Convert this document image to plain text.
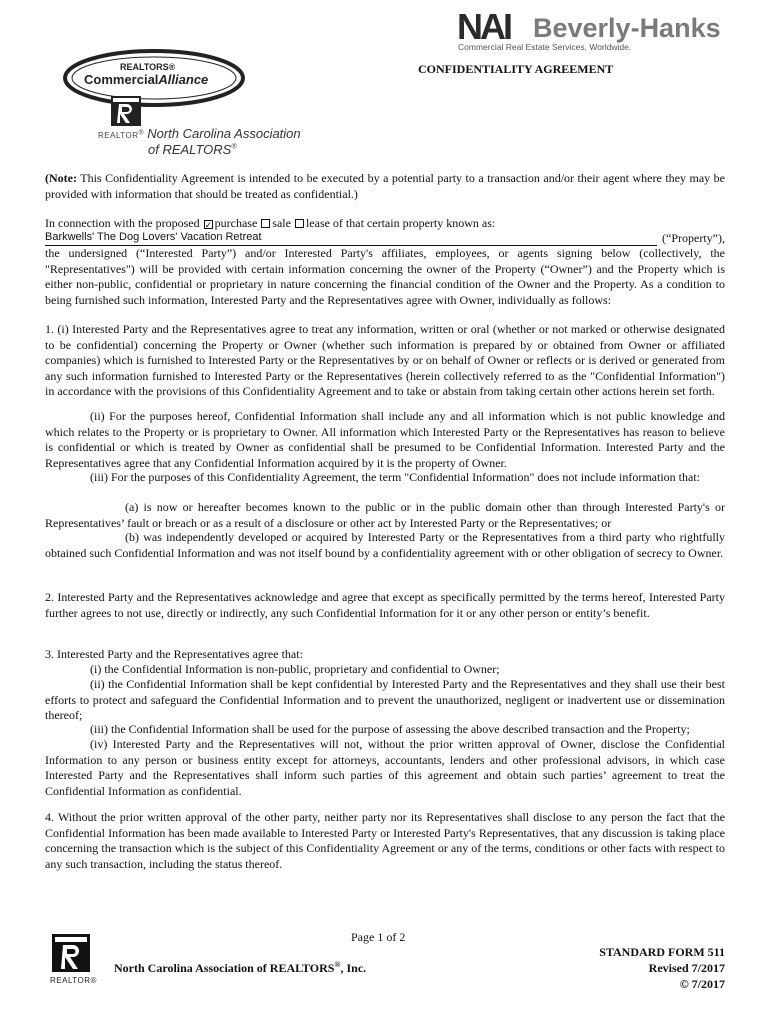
REALTORS®
CommercialAlliance
REALTOR® North Carolina Association
of REALTORS®
NAI Beverly-Hanks
Commercial Real Estate Services, Worldwide.
CONFIDENTIALITY AGREEMENT

(Note: This Confidentiality Agreement is intended to be executed by a potential party to a transaction and/or their agent where they may be provided with information that should be treated as confidential.)

In connection with the proposed ✓ purchase sale lease of that certain property known as:

Barkwells' The Dog Lovers' Vacation Retreat	(“Property”),

the undersigned (“Interested Party”) and/or Interested Party's affiliates, employees, or agents signing below (collectively, the "Representatives") will be provided with certain information concerning the owner of the Property (“Owner”) and the Property which is either non-public, confidential or proprietary in nature concerning the financial condition of the Owner and the Property. As a condition to being furnished such information, Interested Party and the Representatives agree with Owner, individually as follows:

1. (i) Interested Party and the Representatives agree to treat any information, written or oral (whether or not marked or otherwise designated to be confidential) concerning the Property or Owner (whether such information is prepared by or obtained from Owner or affiliated companies) which is furnished to Interested Party or the Representatives by or on behalf of Owner or reflects or is derived or generated from any such information furnished to Interested Party or the Representatives (herein collectively referred to as the "Confidential Information") in accordance with the provisions of this Confidentiality Agreement and to take or abstain from taking certain other actions herein set forth.

(ii) For the purposes hereof, Confidential Information shall include any and all information which is not public knowledge and which relates to the Property or is proprietary to Owner. All information which Interested Party or the Representatives has reason to believe is confidential or which is treated by Owner as confidential shall be presumed to be Confidential Information. Interested Party and the Representatives agree that any Confidential Information acquired by it is the property of Owner.

(iii) For the purposes of this Confidentiality Agreement, the term "Confidential Information" does not include information that:

(a) is now or hereafter becomes known to the public or in the public domain other than through Interested Party's or Representatives’ fault or breach or as a result of a disclosure or other act by Interested Party or the Representatives; or

(b) was independently developed or acquired by Interested Party or the Representatives from a third party who rightfully obtained such Confidential Information and was not itself bound by a confidentiality agreement with or other obligation of secrecy to Owner.

2. Interested Party and the Representatives acknowledge and agree that except as specifically permitted by the terms hereof, Interested Party further agrees to not use, directly or indirectly, any such Confidential Information for it or any other person or entity’s benefit.

3. Interested Party and the Representatives agree that:

(i) the Confidential Information is non-public, proprietary and confidential to Owner;

(ii) the Confidential Information shall be kept confidential by Interested Party and the Representatives and they shall use their best efforts to protect and safeguard the Confidential Information and to prevent the unauthorized, negligent or inadvertent use or dissemination thereof;

(iii) the Confidential Information shall be used for the purpose of assessing the above described transaction and the Property;

(iv) Interested Party and the Representatives will not, without the prior written approval of Owner, disclose the Confidential Information to any person or business entity except for attorneys, accountants, lenders and other professional advisors, in which case Interested Party and the Representatives shall inform such parties of this agreement and obtain such parties’ agreement to treat the Confidential Information as confidential.

4. Without the prior written approval of the other party, neither party nor its Representatives shall disclose to any person the fact that the Confidential Information has been made available to Interested Party or Interested Party's Representatives, that any discussion is taking place concerning the transaction which is the subject of this Confidentiality Agreement or any of the terms, conditions or other facts with respect to any such transaction, including the status thereof.

Page 1 of 2
REALTOR®
North Carolina Association of REALTORS®, Inc.
STANDARD FORM 511
Revised 7/2017
© 7/2017
